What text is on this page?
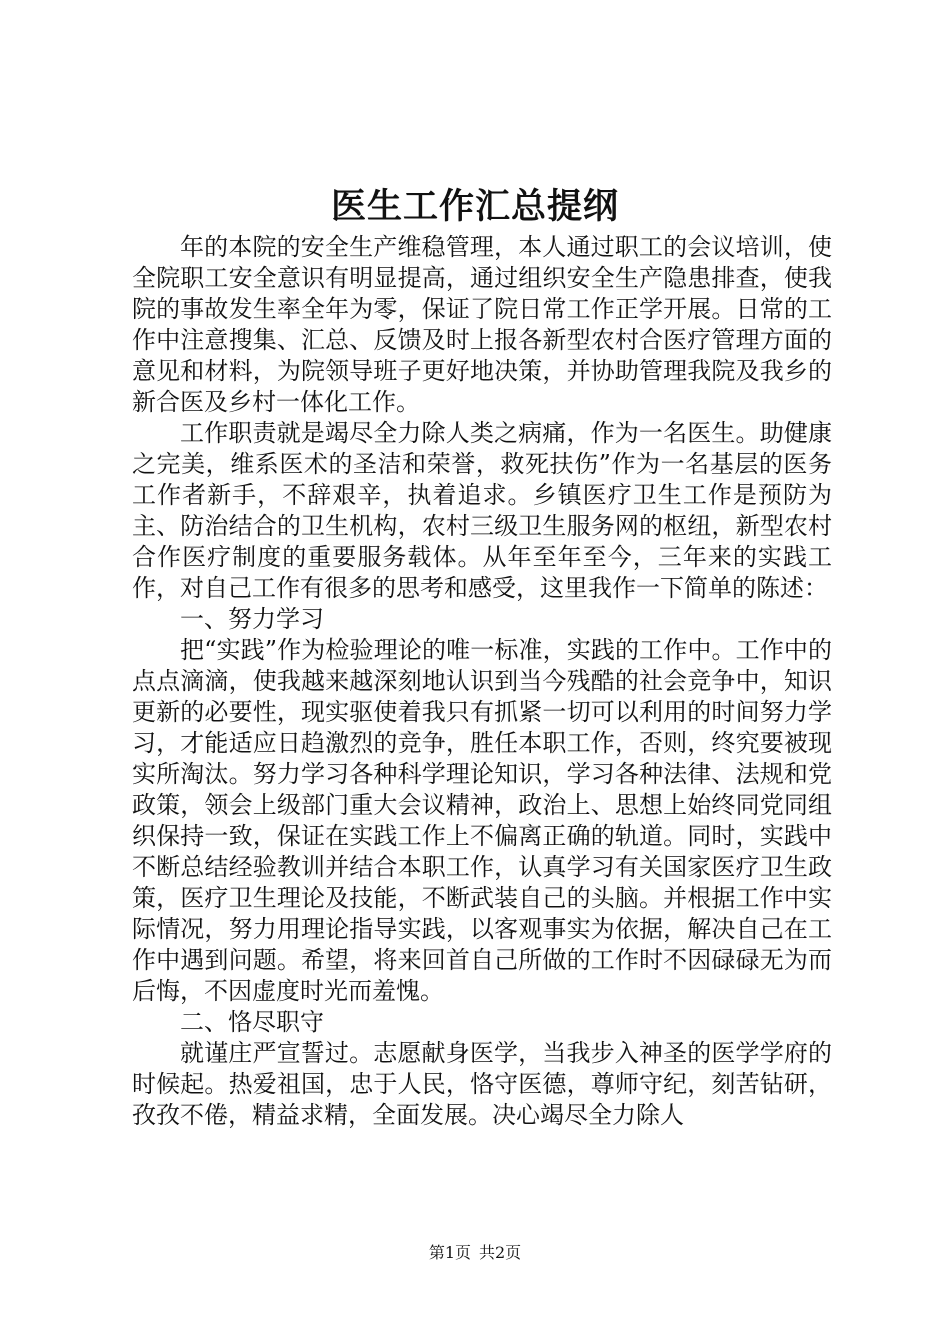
医生工作汇总提纲

年的本院的安全生产维稳管理，本人通过职工的会议培训，使全院职工安全意识有明显提高，通过组织安全生产隐患排查，使我院的事故发生率全年为零，保证了院日常工作正学开展。日常的工作中注意搜集、汇总、反馈及时上报各新型农村合医疗管理方面的意见和材料，为院领导班子更好地决策，并协助管理我院及我乡的新合医及乡村一体化工作。

工作职责就是竭尽全力除人类之病痛，作为一名医生。助健康之完美，维系医术的圣洁和荣誉，救死扶伤”作为一名基层的医务工作者新手，不辞艰辛，执着追求。乡镇医疗卫生工作是预防为主、防治结合的卫生机构，农村三级卫生服务网的枢纽，新型农村合作医疗制度的重要服务载体。从年至年至今，三年来的实践工作，对自己工作有很多的思考和感受，这里我作一下简单的陈述：

一、努力学习

把“实践”作为检验理论的唯一标准，实践的工作中。工作中的点点滴滴，使我越来越深刻地认识到当今残酷的社会竞争中，知识更新的必要性，现实驱使着我只有抓紧一切可以利用的时间努力学习，才能适应日趋激烈的竞争，胜任本职工作，否则，终究要被现实所淘汰。努力学习各种科学理论知识，学习各种法律、法规和党政策，领会上级部门重大会议精神，政治上、思想上始终同党同组织保持一致，保证在实践工作上不偏离正确的轨道。同时，实践中不断总结经验教训并结合本职工作，认真学习有关国家医疗卫生政策，医疗卫生理论及技能，不断武装自己的头脑。并根据工作中实际情况，努力用理论指导实践，以客观事实为依据，解决自己在工作中遇到问题。希望，将来回首自己所做的工作时不因碌碌无为而后悔，不因虚度时光而羞愧。

二、恪尽职守

就谨庄严宣誓过。志愿献身医学，当我步入神圣的医学学府的时候起。热爱祖国，忠于人民，恪守医德，尊师守纪，刻苦钻研，孜孜不倦，精益求精，全面发展。决心竭尽全力除人

第1页 共2页
